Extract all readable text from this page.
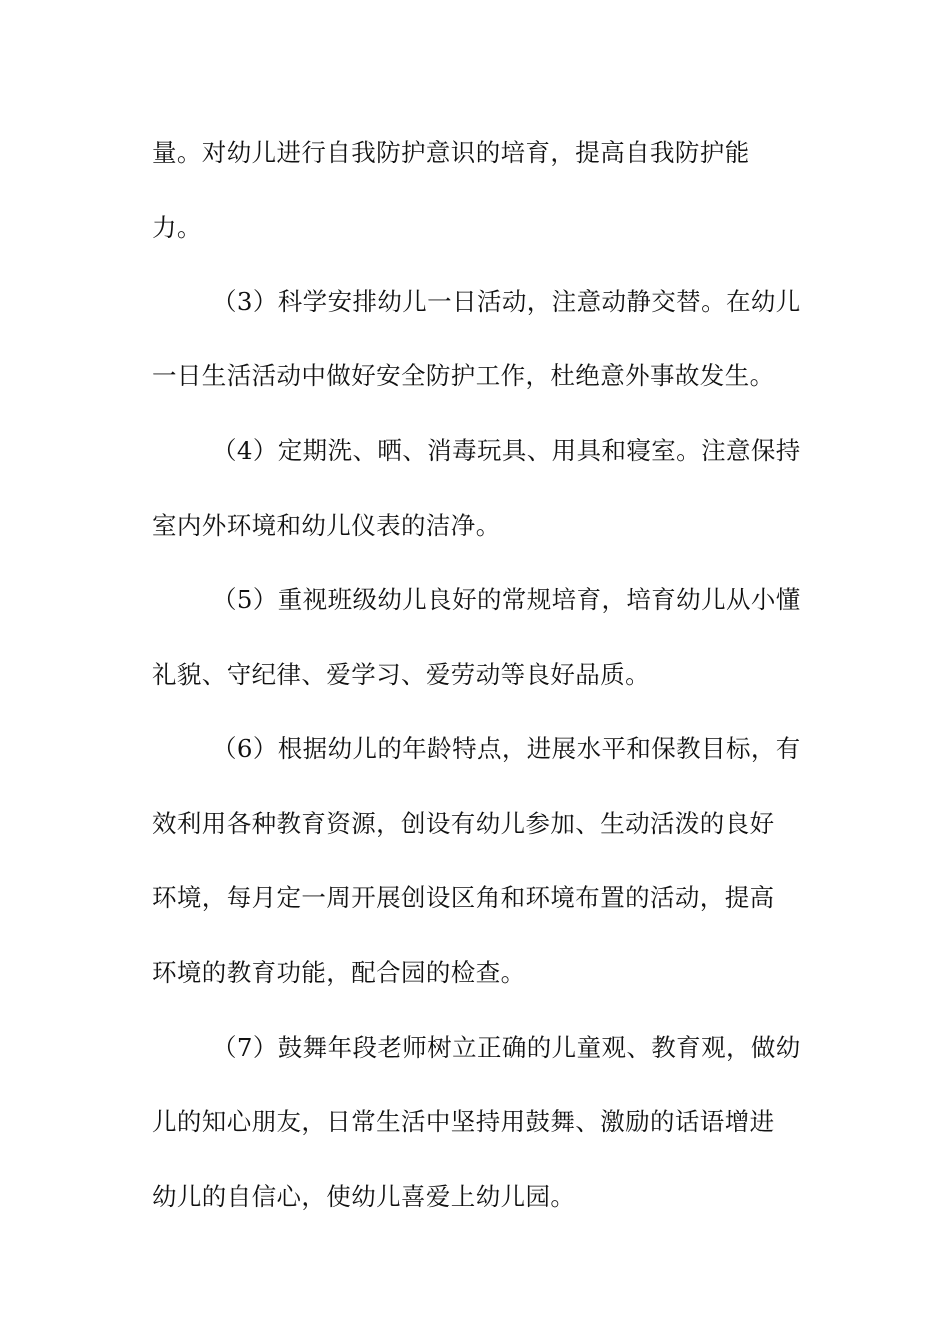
量。对幼儿进行自我防护意识的培育，提高自我防护能
力。
（3）科学安排幼儿一日活动，注意动静交替。在幼儿
一日生活活动中做好安全防护工作，杜绝意外事故发生。
（4）定期洗、晒、消毒玩具、用具和寝室。注意保持
室内外环境和幼儿仪表的洁净。
（5）重视班级幼儿良好的常规培育，培育幼儿从小懂
礼貌、守纪律、爱学习、爱劳动等良好品质。
（6）根据幼儿的年龄特点，进展水平和保教目标，有
效利用各种教育资源，创设有幼儿参加、生动活泼的良好
环境，每月定一周开展创设区角和环境布置的活动，提高
环境的教育功能，配合园的检查。
（7）鼓舞年段老师树立正确的儿童观、教育观，做幼
儿的知心朋友，日常生活中坚持用鼓舞、激励的话语增进
幼儿的自信心，使幼儿喜爱上幼儿园。
